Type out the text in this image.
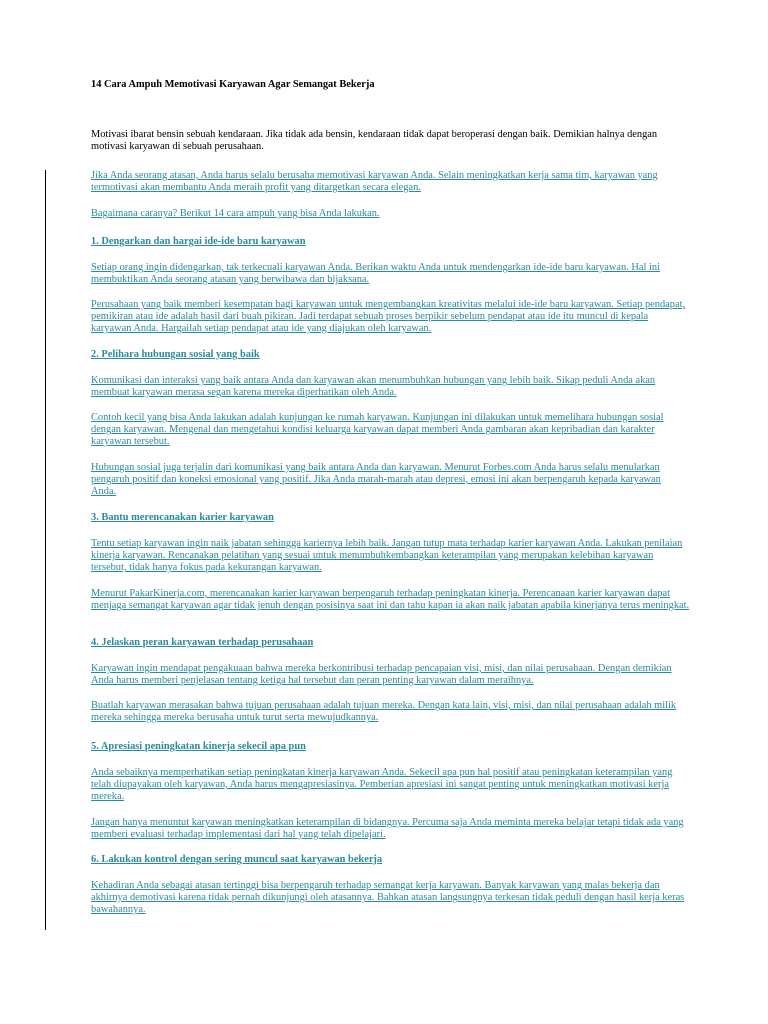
14 Cara Ampuh Memotivasi Karyawan Agar Semangat Bekerja

Motivasi ibarat bensin sebuah kendaraan. Jika tidak ada bensin, kendaraan tidak dapat beroperasi dengan baik. Demikian halnya dengan motivasi karyawan di sebuah perusahaan.

Jika Anda seorang atasan, Anda harus selalu berusaha memotivasi karyawan Anda. Selain meningkatkan kerja sama tim, karyawan yang termotivasi akan membantu Anda meraih profit yang ditargetkan secara elegan.
Bagaimana caranya? Berikut 14 cara ampuh yang bisa Anda lakukan.
1. Dengarkan dan hargai ide-ide baru karyawan
Setiap orang ingin didengarkan, tak terkecuali karyawan Anda. Berikan waktu Anda untuk mendengarkan ide-ide baru karyawan. Hal ini membuktikan Anda seorang atasan yang berwibawa dan bijaksana.
Perusahaan yang baik memberi kesempatan bagi karyawan untuk mengembangkan kreativitas melalui ide-ide baru karyawan. Setiap pendapat, pemikiran atau ide adalah hasil dari buah pikiran. Jadi terdapat sebuah proses berpikir sebelum pendapat atau ide itu muncul di kepala karyawan Anda. Hargailah setiap pendapat atau ide yang diajukan oleh karyawan.
2. Pelihara hubungan sosial yang baik
Komunikasi dan interaksi yang baik antara Anda dan karyawan akan menumbuhkan hubungan yang lebih baik. Sikap peduli Anda akan membuat karyawan merasa segan karena mereka diperhatikan oleh Anda.
Contoh kecil yang bisa Anda lakukan adalah kunjungan ke rumah karyawan. Kunjungan ini dilakukan untuk memelihara hubungan sosial dengan karyawan. Mengenal dan mengetahui kondisi keluarga karyawan dapat memberi Anda gambaran akan kepribadian dan karakter karyawan tersebut.
Hubungan sosial juga terjalin dari komunikasi yang baik antara Anda dan karyawan. Menurut Forbes.com Anda harus selalu menularkan pengaruh positif dan koneksi emosional yang positif. Jika Anda marah-marah atau depresi, emosi ini akan berpengaruh kepada karyawan Anda.
3. Bantu merencanakan karier karyawan
Tentu setiap karyawan ingin naik jabatan sehingga kariernya lebih baik. Jangan tutup mata terhadap karier karyawan Anda. Lakukan penilaian kinerja karyawan. Rencanakan pelatihan yang sesuai untuk menumbuhkembangkan keterampilan yang merupakan kelebihan karyawan tersebut, tidak hanya fokus pada kekurangan karyawan.
Menurut PakarKinerja.com, merencanakan karier karyawan berpengaruh terhadap peningkatan kinerja. Perencanaan karier karyawan dapat menjaga semangat karyawan agar tidak jenuh dengan posisinya saat ini dan tahu kapan ia akan naik jabatan apabila kinerjanya terus meningkat.
4. Jelaskan peran karyawan terhadap perusahaan
Karyawan ingin mendapat pengakuaan bahwa mereka berkontribusi terhadap pencapaian visi, misi, dan nilai perusahaan. Dengan demikian Anda harus memberi penjelasan tentang ketiga hal tersebut dan peran penting karyawan dalam meraihnya.
Buatlah karyawan merasakan bahwa tujuan perusahaan adalah tujuan mereka. Dengan kata lain, visi, misi, dan nilai perusahaan adalah milik mereka sehingga mereka berusaha untuk turut serta mewujudkannya.
5. Apresiasi peningkatan kinerja sekecil apa pun
Anda sebaiknya memperhatikan setiap peningkatan kinerja karyawan Anda. Sekecil apa pun hal positif atau peningkatan keterampilan yang telah diupayakan oleh karyawan, Anda harus mengapresiasinya. Pemberian apresiasi ini sangat penting untuk meningkatkan motivasi kerja mereka.
Jangan hanya menuntut karyawan meningkatkan keterampilan di bidangnya. Percuma saja Anda meminta mereka belajar tetapi tidak ada yang memberi evaluasi terhadap implementasi dari hal yang telah dipelajari.
6. Lakukan kontrol dengan sering muncul saat karyawan bekerja
Kehadiran Anda sebagai atasan tertinggi bisa berpengaruh terhadap semangat kerja karyawan. Banyak karyawan yang malas bekerja dan akhirnya demotivasi karena tidak pernah dikunjungi oleh atasannya. Bahkan atasan langsungnya terkesan tidak peduli dengan hasil kerja keras bawahannya.
